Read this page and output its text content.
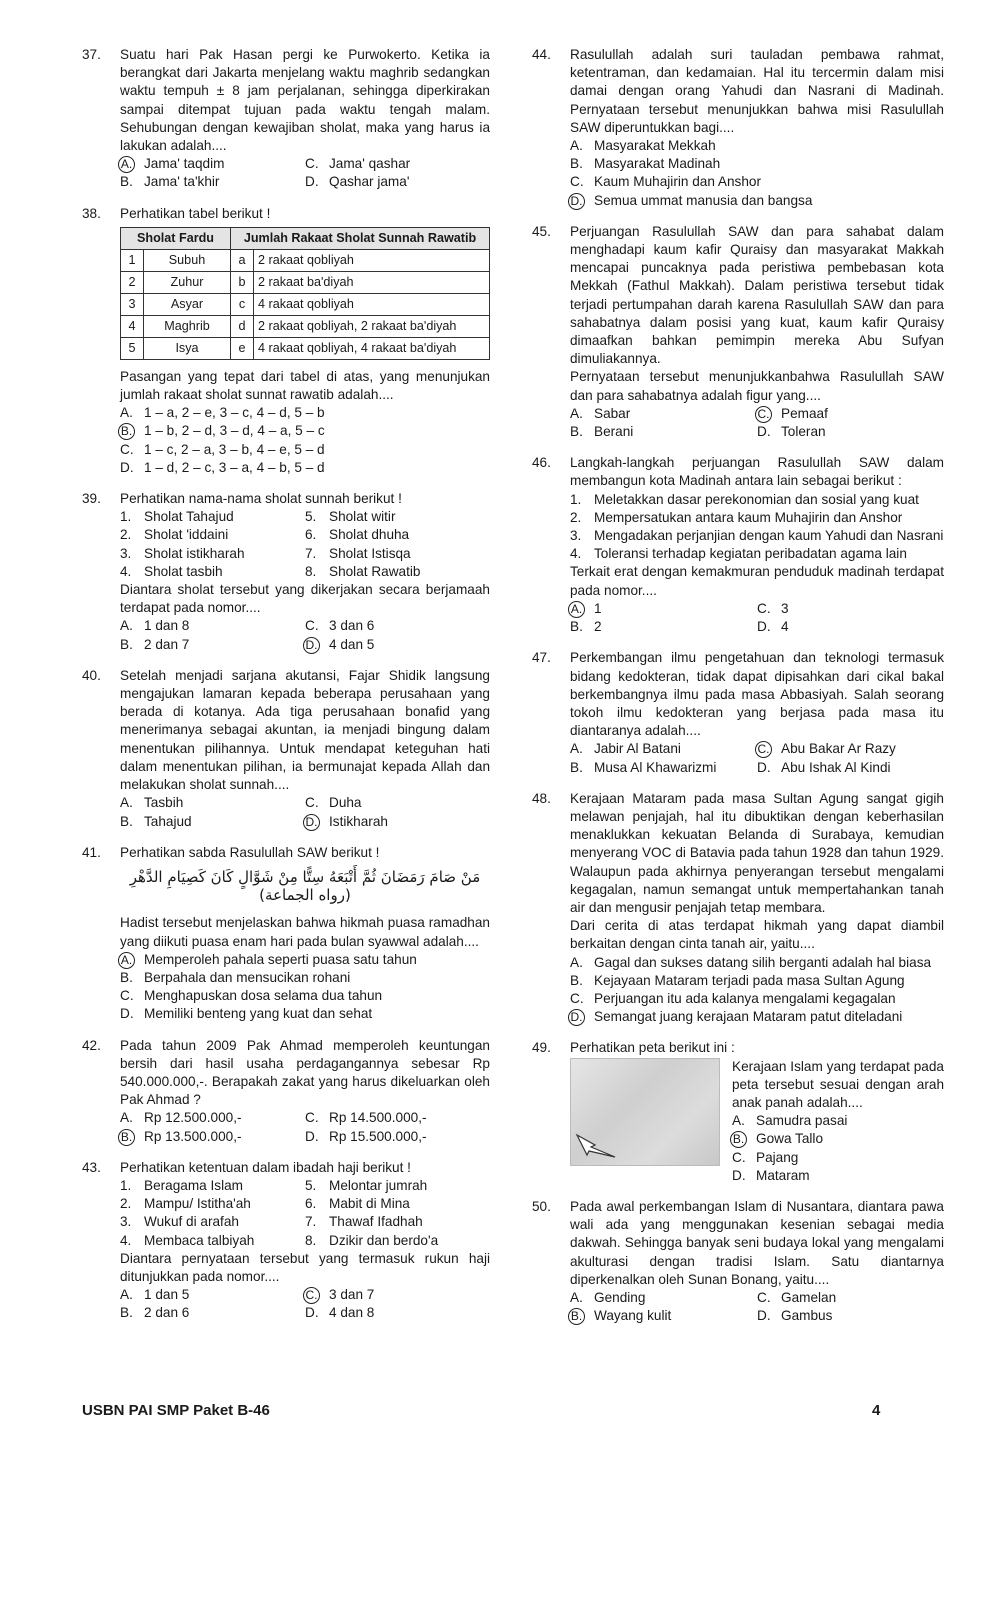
37. Suatu hari Pak Hasan pergi ke Purwokerto. Ketika ia berangkat dari Jakarta menjelang waktu maghrib sedangkan waktu tempuh ± 8 jam perjalanan, sehingga diperkirakan sampai ditempat tujuan pada waktu tengah malam. Sehubungan dengan kewajiban sholat, maka yang harus ia lakukan adalah....
A. Jama' taqdim	C. Jama' qashar
B. Jama' ta'khir	D. Qashar jama'
38. Perhatikan tabel berikut !
Sholat Fardu		Jumlah Rakaat Sholat Sunnah Rawatib	
1	Subuh	a	2 rakaat qobliyah
2	Zuhur	b	2 rakaat ba'diyah
3	Asyar	c	4 rakaat qobliyah
4	Maghrib	d	2 rakaat qobliyah, 2 rakaat ba'diyah
5	Isya	e	4 rakaat qobliyah, 4 rakaat ba'diyah
Pasangan yang tepat dari tabel di atas, yang menunjukan jumlah rakaat sholat sunnat rawatib adalah....
A. 1 – a, 2 – e, 3 – c, 4 – d, 5 – b
B. 1 – b, 2 – d, 3 – d, 4 – a, 5 – c
C. 1 – c, 2 – a, 3 – b, 4 – e, 5 – d
D. 1 – d, 2 – c, 3 – a, 4 – b, 5 – d
39. Perhatikan nama-nama sholat sunnah berikut !
1. Sholat Tahajud	5. Sholat witir
2. Sholat 'iddaini	6. Sholat dhuha
3. Sholat istikharah	7. Sholat Istisqa
4. Sholat tasbih	8. Sholat Rawatib
Diantara sholat tersebut yang dikerjakan secara berjamaah terdapat pada nomor....
A. 1 dan 8	C. 3 dan 6
B. 2 dan 7	D. 4 dan 5
40. Setelah menjadi sarjana akutansi, Fajar Shidik langsung mengajukan lamaran kepada beberapa perusahaan yang berada di kotanya. Ada tiga perusahaan bonafid yang menerimanya sebagai akuntan, ia menjadi bingung dalam menentukan pilihannya. Untuk mendapat keteguhan hati dalam menentukan pilihan, ia bermunajat kepada Allah dan melakukan sholat sunnah....
A. Tasbih	C. Duha
B. Tahajud	D. Istikharah
41. Perhatikan sabda Rasulullah SAW berikut !
مَنْ صَامَ رَمَضَانَ ثُمَّ أَتْبَعَهُ سِتًّا مِنْ شَوَّالٍ كَانَ كَصِيَامِ الدَّهْرِ (رواه الجماعة)
Hadist tersebut menjelaskan bahwa hikmah puasa ramadhan yang diikuti puasa enam hari pada bulan syawwal adalah....
A. Memperoleh pahala seperti puasa satu tahun
B. Berpahala dan mensucikan rohani
C. Menghapuskan dosa selama dua tahun
D. Memiliki benteng yang kuat dan sehat
42. Pada tahun 2009 Pak Ahmad memperoleh keuntungan bersih dari hasil usaha perdagangannya sebesar Rp 540.000.000,-. Berapakah zakat yang harus dikeluarkan oleh Pak Ahmad ?
A. Rp 12.500.000,-	C. Rp 14.500.000,-
B. Rp 13.500.000,-	D. Rp 15.500.000,-
43. Perhatikan ketentuan dalam ibadah haji berikut !
1. Beragama Islam	5. Melontar jumrah
2. Mampu/ Istitha'ah	6. Mabit di Mina
3. Wukuf di arafah	7. Thawaf Ifadhah
4. Membaca talbiyah	8. Dzikir dan berdo'a
Diantara pernyataan tersebut yang termasuk rukun haji ditunjukkan pada nomor....
A. 1 dan 5	C. 3 dan 7
B. 2 dan 6	D. 4 dan 8
44. Rasulullah adalah suri tauladan pembawa rahmat, ketentraman, dan kedamaian. Hal itu tercermin dalam misi damai dengan orang Yahudi dan Nasrani di Madinah. Pernyataan tersebut menunjukkan bahwa misi Rasulullah SAW diperuntukkan bagi....
A. Masyarakat Mekkah
B. Masyarakat Madinah
C. Kaum Muhajirin dan Anshor
D. Semua ummat manusia dan bangsa
45. Perjuangan Rasulullah SAW dan para sahabat dalam menghadapi kaum kafir Quraisy dan masyarakat Makkah mencapai puncaknya pada peristiwa pembebasan kota Mekkah (Fathul Makkah). Dalam peristiwa tersebut tidak terjadi pertumpahan darah karena Rasulullah SAW dan para sahabatnya dalam posisi yang kuat, kaum kafir Quraisy dimaafkan bahkan pemimpin mereka Abu Sufyan dimuliakannya.
Pernyataan tersebut menunjukkanbahwa Rasulullah SAW dan para sahabatnya adalah figur yang....
A. Sabar	C. Pemaaf
B. Berani	D. Toleran
46. Langkah-langkah perjuangan Rasulullah SAW dalam membangun kota Madinah antara lain sebagai berikut :
1. Meletakkan dasar perekonomian dan sosial yang kuat
2. Mempersatukan antara kaum Muhajirin dan Anshor
3. Mengadakan perjanjian dengan kaum Yahudi dan Nasrani
4. Toleransi terhadap kegiatan peribadatan agama lain
Terkait erat dengan kemakmuran penduduk madinah terdapat pada nomor....
A. 1	C. 3
B. 2	D. 4
47. Perkembangan ilmu pengetahuan dan teknologi termasuk bidang kedokteran, tidak dapat dipisahkan dari cikal bakal berkembangnya ilmu pada masa Abbasiyah. Salah seorang tokoh ilmu kedokteran yang berjasa pada masa itu diantaranya adalah....
A. Jabir Al Batani	C. Abu Bakar Ar Razy
B. Musa Al Khawarizmi	D. Abu Ishak Al Kindi
48. Kerajaan Mataram pada masa Sultan Agung sangat gigih melawan penjajah, hal itu dibuktikan dengan keberhasilan menaklukkan kekuatan Belanda di Surabaya, kemudian menyerang VOC di Batavia pada tahun 1928 dan tahun 1929. Walaupun pada akhirnya penyerangan tersebut mengalami kegagalan, namun semangat untuk mempertahankan tanah air dan mengusir penjajah tetap membara.
Dari cerita di atas terdapat hikmah yang dapat diambil berkaitan dengan cinta tanah air, yaitu....
A. Gagal dan sukses datang silih berganti adalah hal biasa
B. Kejayaan Mataram terjadi pada masa Sultan Agung
C. Perjuangan itu ada kalanya mengalami kegagalan
D. Semangat juang kerajaan Mataram patut diteladani
49. Perhatikan peta berikut ini :
Kerajaan Islam yang terdapat pada peta tersebut sesuai dengan arah anak panah adalah....
A. Samudra pasai
B. Gowa Tallo
C. Pajang
D. Mataram
50. Pada awal perkembangan Islam di Nusantara, diantara pawa wali ada yang menggunakan kesenian sebagai media dakwah. Sehingga banyak seni budaya lokal yang mengalami akulturasi dengan tradisi Islam. Satu diantarnya diperkenalkan oleh Sunan Bonang, yaitu....
A. Gending	C. Gamelan
B. Wayang kulit	D. Gambus
USBN PAI SMP Paket B-46	4
